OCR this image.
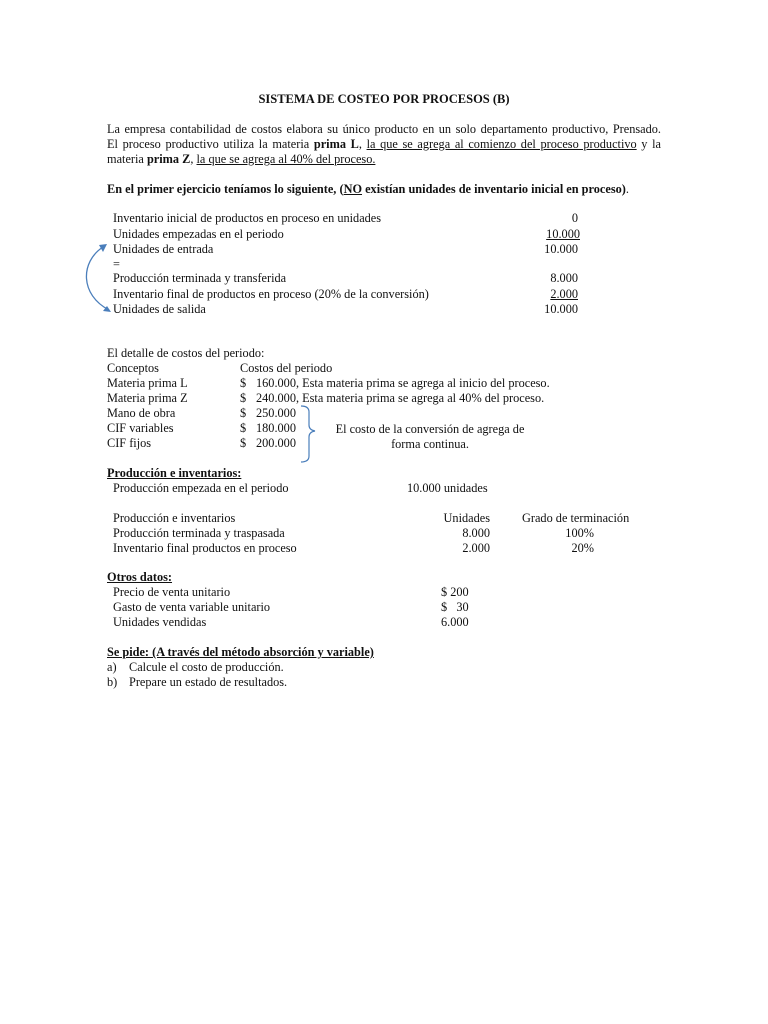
SISTEMA DE COSTEO POR PROCESOS (B)
La empresa contabilidad de costos elabora su único producto en un solo departamento productivo, Prensado.
El proceso productivo utiliza la materia prima L, la que se agrega al comienzo del proceso productivo y la
materia prima Z, la que se agrega al 40% del proceso.
En el primer ejercicio teníamos lo siguiente, (NO existían unidades de inventario inicial en proceso).
Inventario inicial de productos en proceso en unidades	0
Unidades empezadas en el periodo	10.000
Unidades de entrada	10.000
=
Producción terminada y transferida	8.000
Inventario final de productos en proceso (20% de la conversión)	2.000
Unidades de salida	10.000
El detalle de costos del periodo:
Conceptos	Costos del periodo
Materia prima L	$ 160.000, Esta materia prima se agrega al inicio del proceso.
Materia prima Z	$ 240.000, Esta materia prima se agrega al 40% del proceso.
Mano de obra	$ 250.000
CIF variables	$ 180.000
CIF fijos	$ 200.000
El costo de la conversión de agrega de
forma continua.
Producción e inventarios:
Producción empezada en el periodo	10.000 unidades
Producción e inventarios	Unidades	Grado de terminación
Producción terminada y traspasada	8.000	100%
Inventario final productos en proceso	2.000	20%
Otros datos:
Precio de venta unitario	$ 200
Gasto de venta variable unitario	$   30
Unidades vendidas	6.000
Se pide: (A través del método absorción y variable)
a) Calcule el costo de producción.
b) Prepare un estado de resultados.
